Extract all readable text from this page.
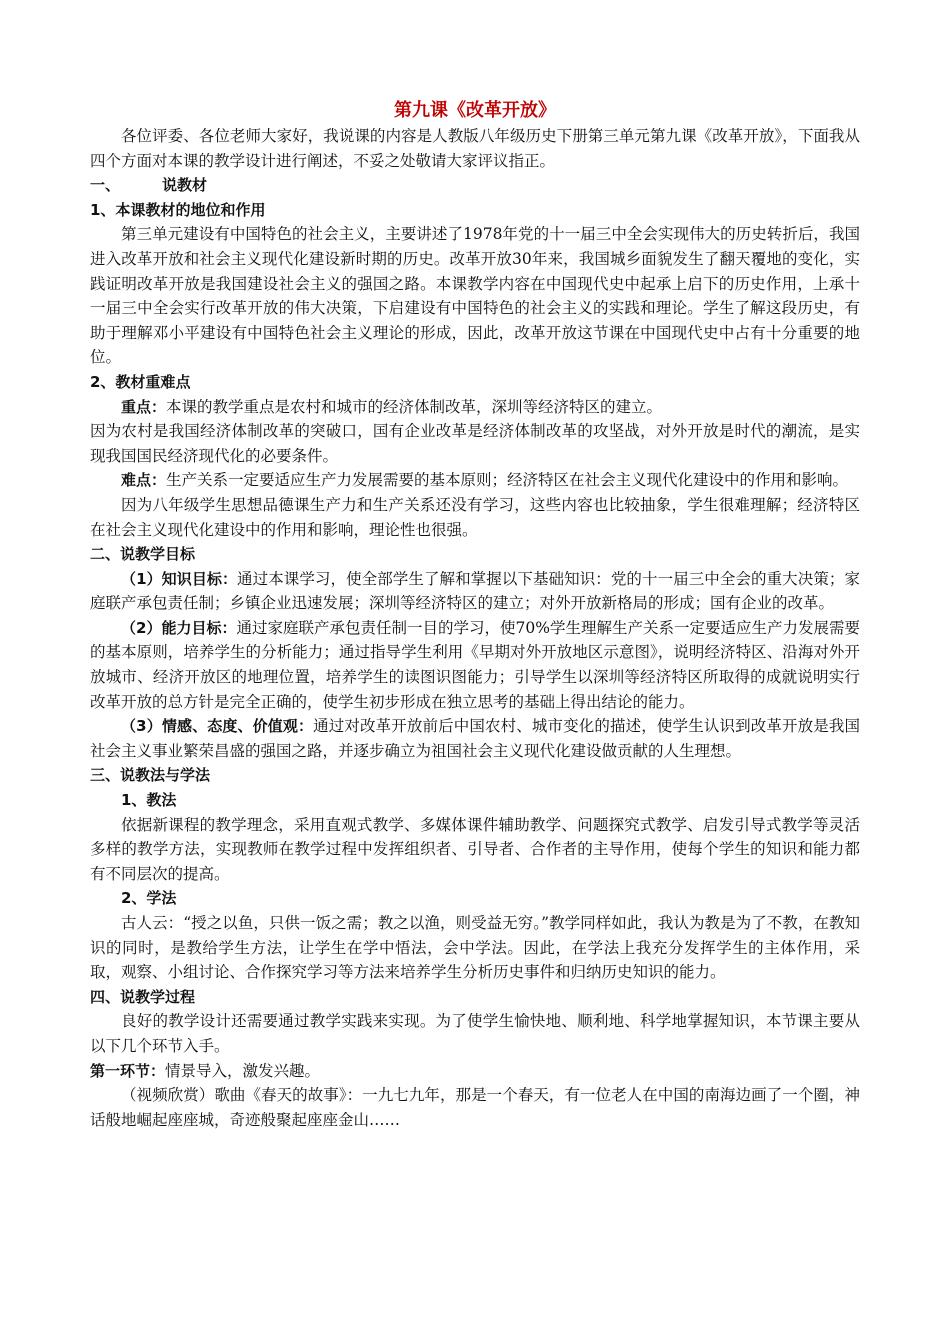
第九课《改革开放》

各位评委、各位老师大家好，我说课的内容是人教版八年级历史下册第三单元第九课《改革开放》，下面我从四个方面对本课的教学设计进行阐述，不妥之处敬请大家评议指正。

一、	说教材

1、本课教材的地位和作用

第三单元建设有中国特色的社会主义，主要讲述了1978年党的十一届三中全会实现伟大的历史转折后，我国进入改革开放和社会主义现代化建设新时期的历史。改革开放30年来，我国城乡面貌发生了翻天覆地的变化，实践证明改革开放是我国建设社会主义的强国之路。本课教学内容在中国现代史中起承上启下的历史作用，上承十一届三中全会实行改革开放的伟大决策，下启建设有中国特色的社会主义的实践和理论。学生了解这段历史，有助于理解邓小平建设有中国特色社会主义理论的形成，因此，改革开放这节课在中国现代史中占有十分重要的地位。

2、教材重难点

重点：本课的教学重点是农村和城市的经济体制改革，深圳等经济特区的建立。

因为农村是我国经济体制改革的突破口，国有企业改革是经济体制改革的攻坚战，对外开放是时代的潮流，是实现我国国民经济现代化的必要条件。

难点：生产关系一定要适应生产力发展需要的基本原则；经济特区在社会主义现代化建设中的作用和影响。

因为八年级学生思想品德课生产力和生产关系还没有学习，这些内容也比较抽象，学生很难理解；经济特区在社会主义现代化建设中的作用和影响，理论性也很强。

二、说教学目标

（1）知识目标：通过本课学习，使全部学生了解和掌握以下基础知识：党的十一届三中全会的重大决策；家庭联产承包责任制；乡镇企业迅速发展；深圳等经济特区的建立；对外开放新格局的形成；国有企业的改革。

（2）能力目标：通过家庭联产承包责任制一目的学习，使70%学生理解生产关系一定要适应生产力发展需要的基本原则，培养学生的分析能力；通过指导学生利用《早期对外开放地区示意图》，说明经济特区、沿海对外开放城市、经济开放区的地理位置，培养学生的读图识图能力；引导学生以深圳等经济特区所取得的成就说明实行改革开放的总方针是完全正确的，使学生初步形成在独立思考的基础上得出结论的能力。

（3）情感、态度、价值观：通过对改革开放前后中国农村、城市变化的描述，使学生认识到改革开放是我国社会主义事业繁荣昌盛的强国之路，并逐步确立为祖国社会主义现代化建设做贡献的人生理想。

三、说教法与学法

1、教法

依据新课程的教学理念，采用直观式教学、多媒体课件辅助教学、问题探究式教学、启发引导式教学等灵活多样的教学方法，实现教师在教学过程中发挥组织者、引导者、合作者的主导作用，使每个学生的知识和能力都有不同层次的提高。

2、学法

古人云：“授之以鱼，只供一饭之需；教之以渔，则受益无穷。”教学同样如此，我认为教是为了不教，在教知识的同时，是教给学生方法，让学生在学中悟法，会中学法。因此，在学法上我充分发挥学生的主体作用，采取，观察、小组讨论、合作探究学习等方法来培养学生分析历史事件和归纳历史知识的能力。

四、说教学过程

良好的教学设计还需要通过教学实践来实现。为了使学生愉快地、顺利地、科学地掌握知识，本节课主要从以下几个环节入手。

第一环节：情景导入，激发兴趣。

（视频欣赏）歌曲《春天的故事》：一九七九年，那是一个春天，有一位老人在中国的南海边画了一个圈，神话般地崛起座座城，奇迹般聚起座座金山……
